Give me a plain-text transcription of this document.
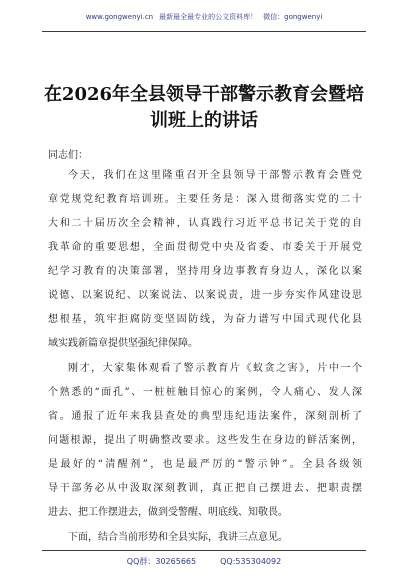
www.gongwenyi.cn 最新最全最专业的公文资料库！ 微信：gongwenyi
在2026年全县领导干部警示教育会暨培
训班上的讲话
同志们：
今天，我们在这里隆重召开全县领导干部警示教育会暨党
章党规党纪教育培训班。主要任务是：深入贯彻落实党的二十
大和二十届历次全会精神，认真践行习近平总书记关于党的自
我革命的重要思想，全面贯彻党中央及省委、市委关于开展党
纪学习教育的决策部署，坚持用身边事教育身边人，深化以案
说德、以案说纪、以案说法、以案说责，进一步夯实作风建设思
想根基，筑牢拒腐防变坚固防线，为奋力谱写中国式现代化县
域实践新篇章提供坚强纪律保障。
刚才，大家集体观看了警示教育片《蚁贪之害》，片中一个
个熟悉的“面孔”、一桩桩触目惊心的案例，令人痛心、发人深
省。通报了近年来我县查处的典型违纪违法案件，深刻剖析了
问题根源，提出了明确整改要求。这些发生在身边的鲜活案例，
是最好的“清醒剂”，也是最严厉的“警示钟”。全县各级领
导干部务必从中汲取深刻教训，真正把自己摆进去、把职责摆
进去、把工作摆进去，做到受警醒、明底线、知敬畏。
下面，结合当前形势和全县实际，我讲三点意见。
QQ群：30265665	QQ:535304092
